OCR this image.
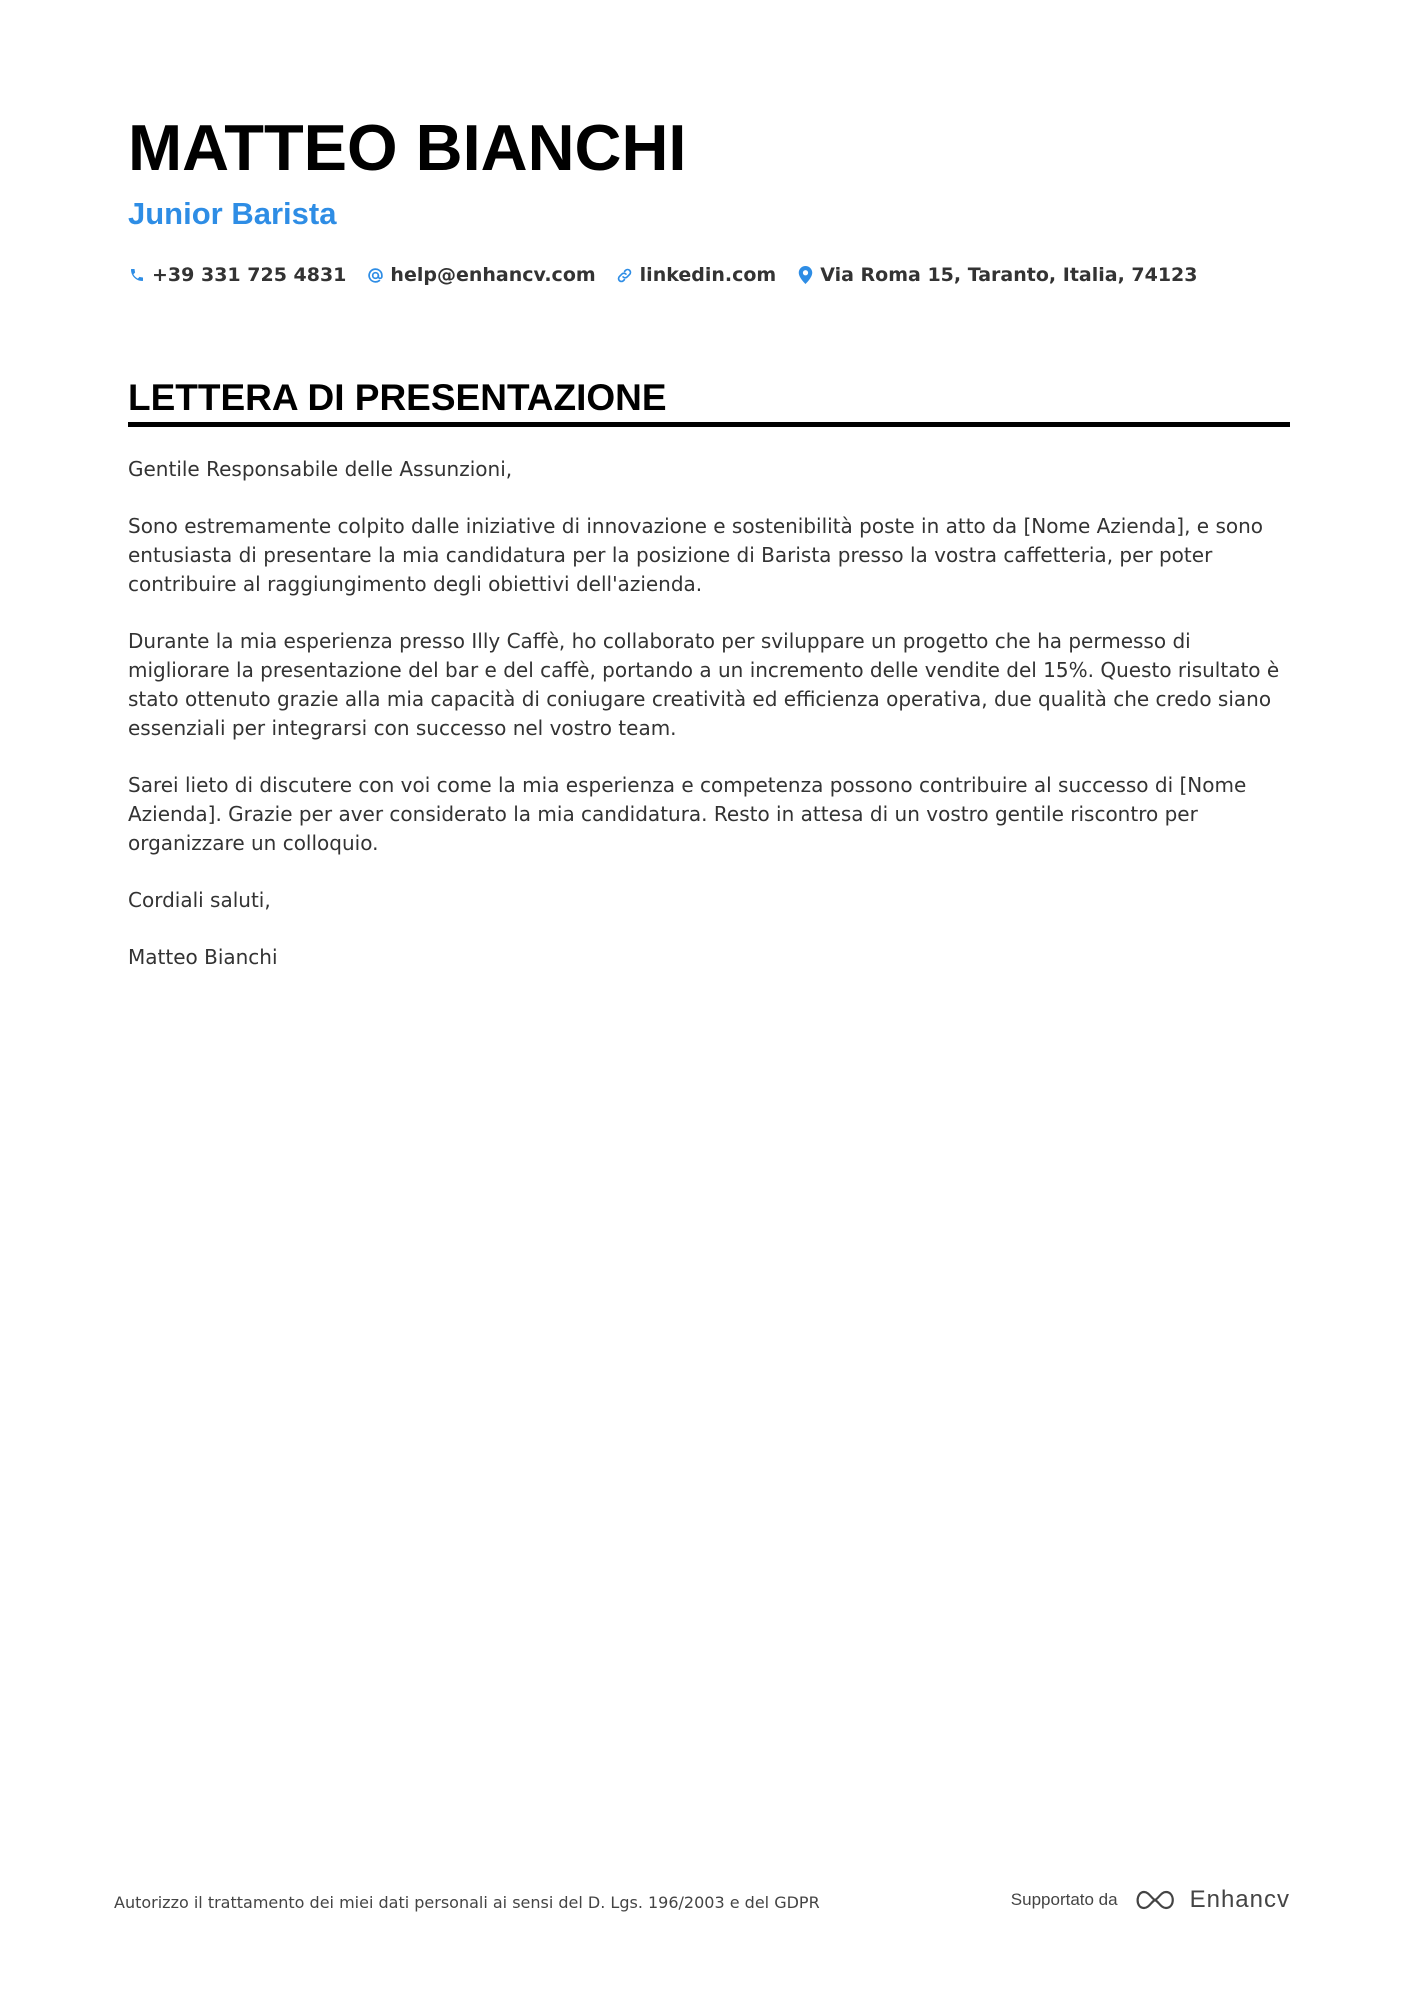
MATTEO BIANCHI
Junior Barista
+39 331 725 4831 help@enhancv.com linkedin.com Via Roma 15, Taranto, Italia, 74123
LETTERA DI PRESENTAZIONE

Gentile Responsabile delle Assunzioni,

Sono estremamente colpito dalle iniziative di innovazione e sostenibilità poste in atto da [Nome Azienda], e sono entusiasta di presentare la mia candidatura per la posizione di Barista presso la vostra caffetteria, per poter contribuire al raggiungimento degli obiettivi dell'azienda.

Durante la mia esperienza presso Illy Caffè, ho collaborato per sviluppare un progetto che ha permesso di migliorare la presentazione del bar e del caffè, portando a un incremento delle vendite del 15%. Questo risultato è stato ottenuto grazie alla mia capacità di coniugare creatività ed efficienza operativa, due qualità che credo siano essenziali per integrarsi con successo nel vostro team.

Sarei lieto di discutere con voi come la mia esperienza e competenza possono contribuire al successo di [Nome Azienda]. Grazie per aver considerato la mia candidatura. Resto in attesa di un vostro gentile riscontro per organizzare un colloquio.

Cordiali saluti,

Matteo Bianchi

Autorizzo il trattamento dei miei dati personali ai sensi del D. Lgs. 196/2003 e del GDPR	Supportato da	Enhancv
